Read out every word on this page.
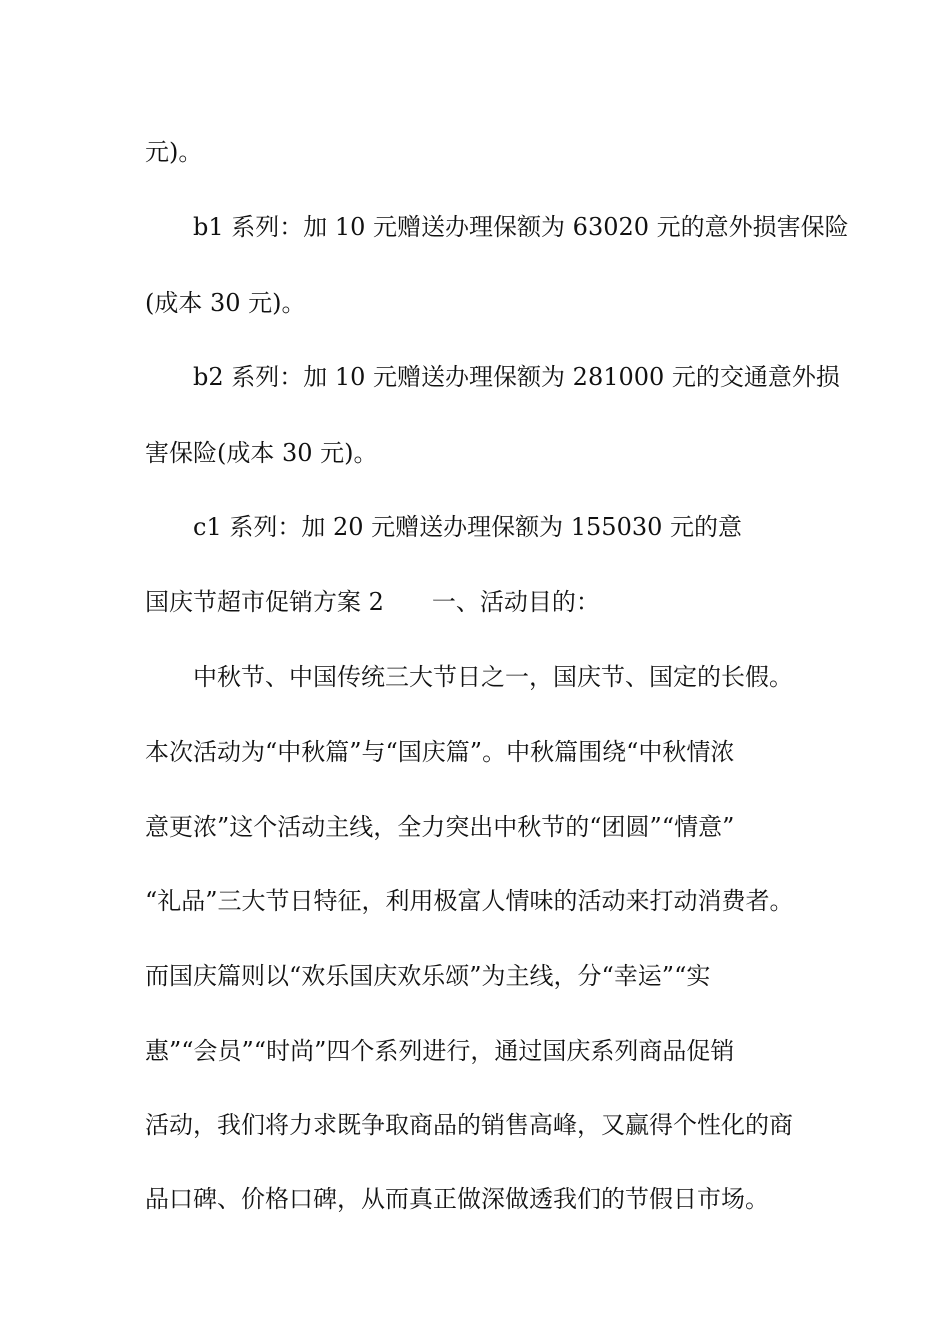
元)。
b1 系列：加 10 元赠送办理保额为 63020 元的意外损害保险
(成本 30 元)。
b2 系列：加 10 元赠送办理保额为 281000 元的交通意外损
害保险(成本 30 元)。
c1 系列：加 20 元赠送办理保额为 155030 元的意
国庆节超市促销方案 2 一、活动目的：
中秋节、中国传统三大节日之一，国庆节、国定的长假。
本次活动为“中秋篇”与“国庆篇”。中秋篇围绕“中秋情浓
意更浓”这个活动主线，全力突出中秋节的“团圆”“情意”
“礼品”三大节日特征，利用极富人情味的活动来打动消费者。
而国庆篇则以“欢乐国庆欢乐颂”为主线，分“幸运”“实
惠”“会员”“时尚”四个系列进行，通过国庆系列商品促销
活动，我们将力求既争取商品的销售高峰，又赢得个性化的商
品口碑、价格口碑，从而真正做深做透我们的节假日市场。
